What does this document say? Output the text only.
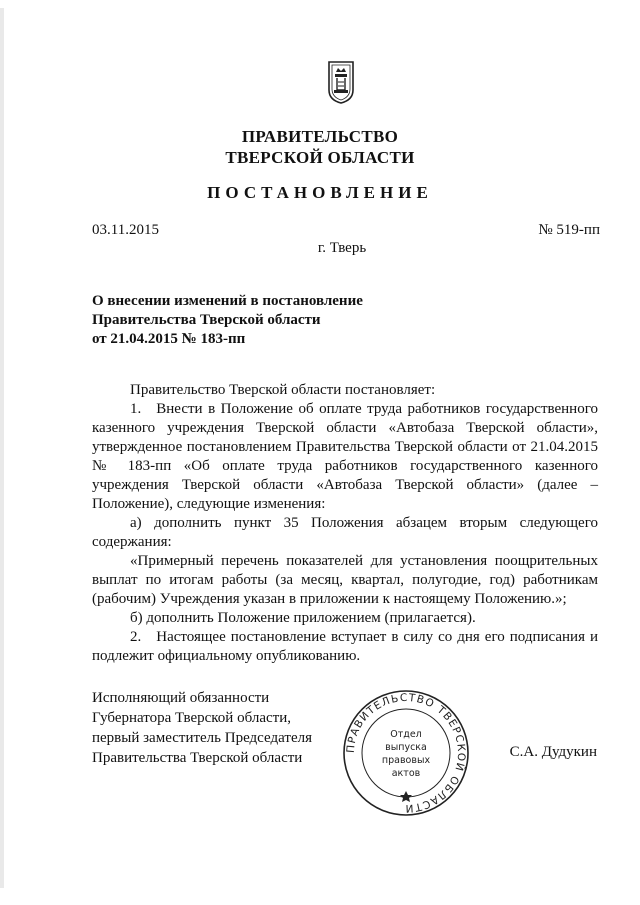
ПРАВИТЕЛЬСТВО
ТВЕРСКОЙ ОБЛАСТИ
ПОСТАНОВЛЕНИЕ
03.11.2015	№ 519-пп
г. Тверь
О внесении изменений в постановление
Правительства Тверской области
от 21.04.2015 № 183-пп

Правительство Тверской области постановляет:

1. Внести в Положение об оплате труда работников государственного казенного учреждения Тверской области «Автобаза Тверской области», утвержденное постановлением Правительства Тверской области от 21.04.2015 № 183-пп «Об оплате труда работников государственного казенного учреждения Тверской области «Автобаза Тверской области» (далее – Положение), следующие изменения:

а) дополнить пункт 35 Положения абзацем вторым следующего содержания:

«Примерный перечень показателей для установления поощрительных выплат по итогам работы (за месяц, квартал, полугодие, год) работникам (рабочим) Учреждения указан в приложении к настоящему Положению.»;

б) дополнить Положение приложением (прилагается).

2. Настоящее постановление вступает в силу со дня его подписания и подлежит официальному опубликованию.

Исполняющий обязанности
Губернатора Тверской области,
первый заместитель Председателя
Правительства Тверской области
ПРАВИТЕЛЬСТВО ТВЕРСКОЙ ОБЛАСТИ
Отдел
выпуска
правовых
актов
С.А. Дудукин
